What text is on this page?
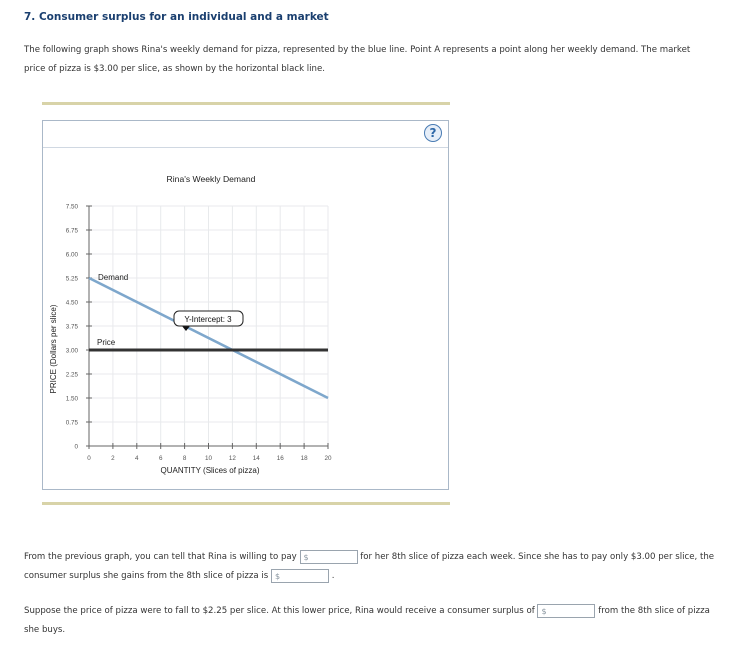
7. Consumer surplus for an individual and a market
The following graph shows Rina's weekly demand for pizza, represented by the blue line. Point A represents a point along her weekly demand. The market price of pizza is $3.00 per slice, as shown by the horizontal black line.
?
0
0.75
1.50
2.25
3.00
3.75
4.50
5.25
6.00
6.75
7.50
0	2	4	6	8	10	12	14	16	18	20
Rina's Weekly Demand
QUANTITY (Slices of pizza)
PRICE (Dollars per slice)
Demand
Price
Y-Intercept: 3
From the previous graph, you can tell that Rina is willing to pay $	for her 8th slice of pizza each week. Since she has to pay only $3.00 per slice, the consumer surplus she gains from the 8th slice of pizza is $	.
Suppose the price of pizza were to fall to $2.25 per slice. At this lower price, Rina would receive a consumer surplus of $	from the 8th slice of pizza she buys.
